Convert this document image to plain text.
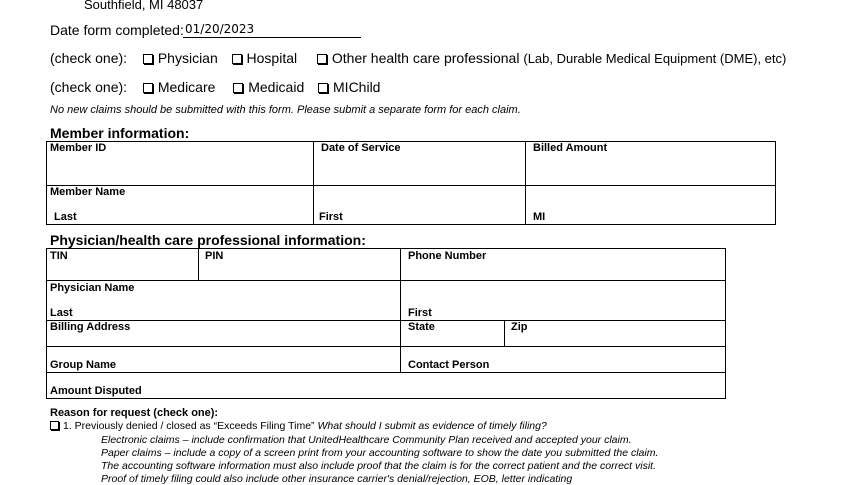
Southfield, MI 48037
Date form completed: 01/20/2023
(check one): Physician Hospital Other health care professional (Lab, Durable Medical Equipment (DME), etc)
(check one): Medicare Medicaid MIChild
No new claims should be submitted with this form. Please submit a separate form for each claim.
Member information:
Member ID	Date of Service	Billed Amount
Member Name
Last	First	MI
Physician/health care professional information:
TIN	PIN	Phone Number
Physician Name
Last	First
Billing Address	State	Zip
Group Name	Contact Person
Amount Disputed
Reason for request (check one):
1. Previously denied / closed as “Exceeds Filing Time” What should I submit as evidence of timely filing?
Electronic claims – include confirmation that UnitedHealthcare Community Plan received and accepted your claim.
Paper claims – include a copy of a screen print from your accounting software to show the date you submitted the claim.
The accounting software information must also include proof that the claim is for the correct patient and the correct visit.
Proof of timely filing could also include other insurance carrier's denial/rejection, EOB, letter indicating
